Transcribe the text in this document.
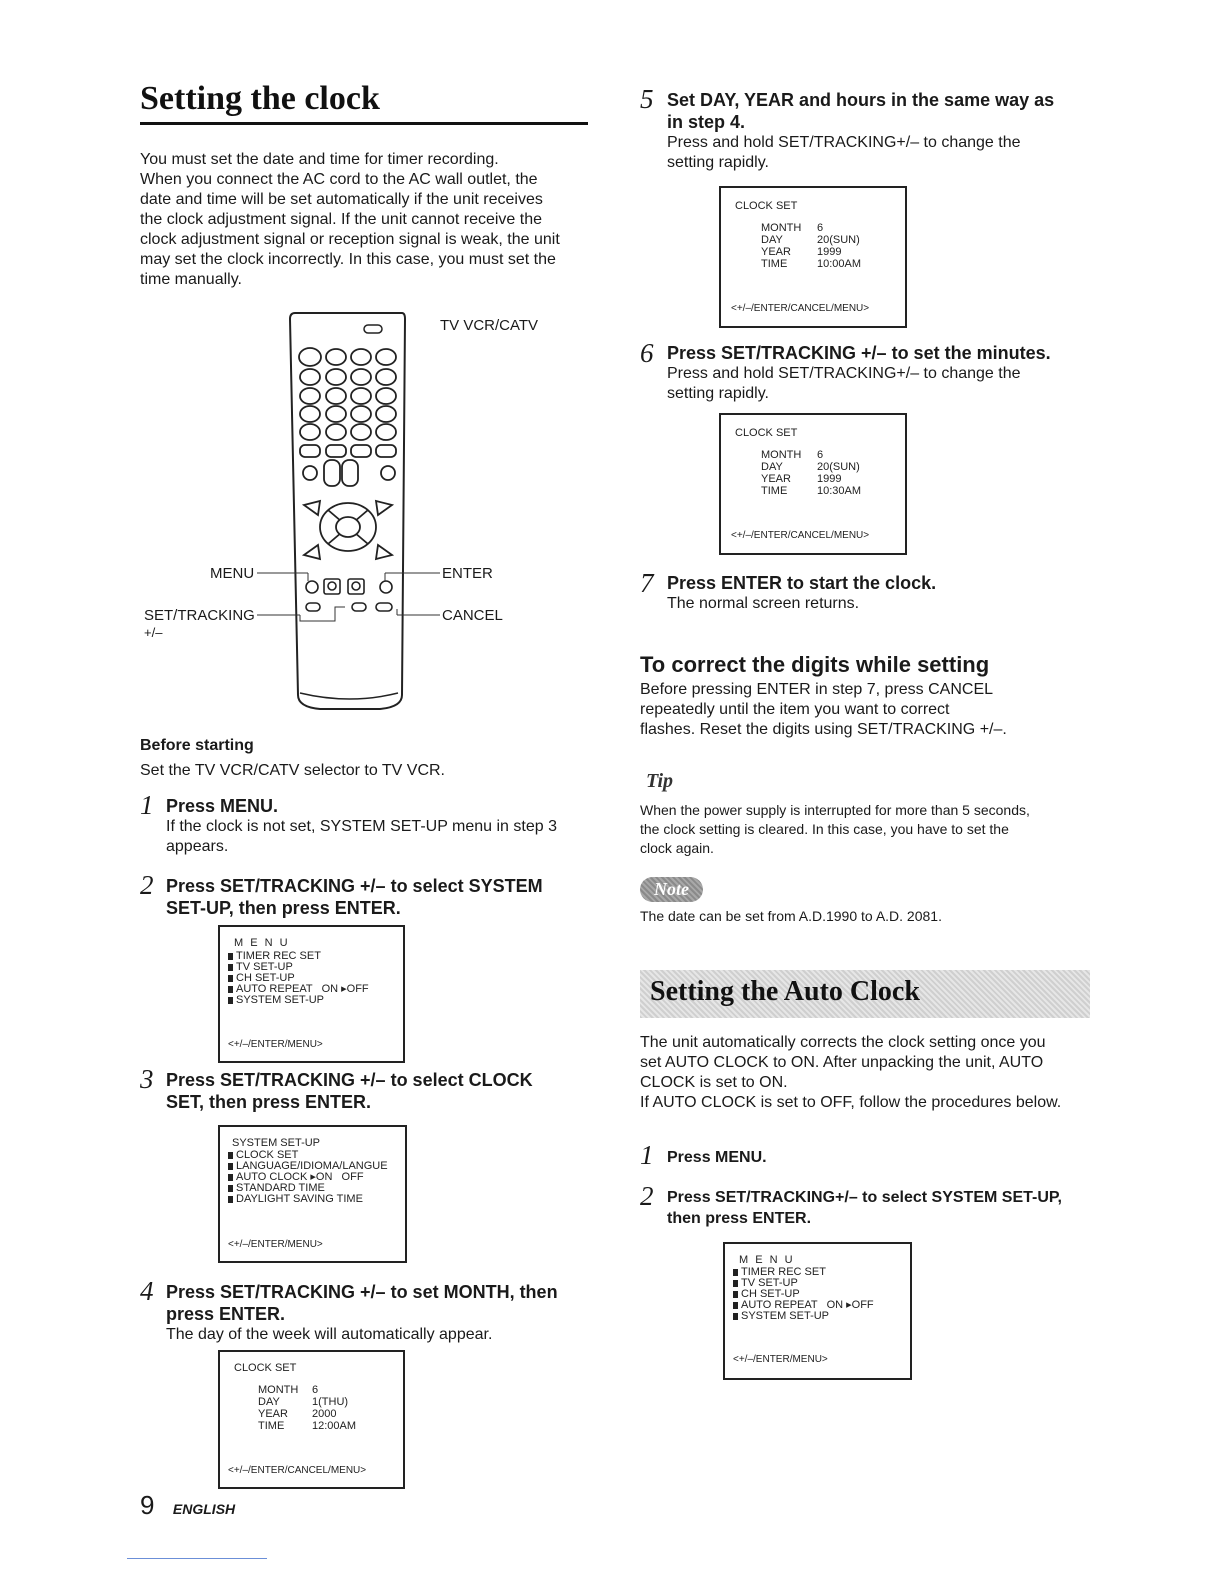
Setting the clock

You must set the date and time for timer recording.

When you connect the AC cord to the AC wall outlet, the

date and time will be set automatically if the unit receives

the clock adjustment signal. If the unit cannot receive the

clock adjustment signal or reception signal is weak, the unit

may set the clock incorrectly. In this case, you must set the

time manually.

TV VCR/CATV
MENU	ENTER
SET/TRACKING
+/–
CANCEL

Before starting

Set the TV VCR/CATV selector to TV VCR.

1 Press MENU.

If the clock is not set, SYSTEM SET-UP menu in step 3

appears.

2 Press SET/TRACKING +/– to select SYSTEM

SET-UP, then press ENTER.

M E N U
TIMER REC SET
TV SET-UP
CH SET-UP
AUTO REPEAT   ON ▸OFF
SYSTEM SET-UP
<+/–/ENTER/MENU>
3 Press SET/TRACKING +/– to select CLOCK

SET, then press ENTER.

SYSTEM SET-UP
CLOCK SET
LANGUAGE/IDIOMA/LANGUE
AUTO CLOCK ▸ON   OFF
STANDARD TIME
DAYLIGHT SAVING TIME
<+/–/ENTER/MENU>
4 Press SET/TRACKING +/– to set MONTH, then

press ENTER.

The day of the week will automatically appear.

CLOCK SET
MONTH 6
DAY	1(THU)
YEAR 2000
TIME	12:00AM
<+/–/ENTER/CANCEL/MENU>
9 ENGLISH
5 Set DAY, YEAR and hours in the same way as

in step 4.

Press and hold SET/TRACKING+/– to change the

setting rapidly.

CLOCK SET
MONTH 6
DAY	20(SUN)
YEAR 1999
TIME	10:00AM
<+/–/ENTER/CANCEL/MENU>
6 Press SET/TRACKING +/– to set the minutes.

Press and hold SET/TRACKING+/– to change the

setting rapidly.

CLOCK SET
MONTH 6
DAY	20(SUN)
YEAR 1999
TIME	10:30AM
<+/–/ENTER/CANCEL/MENU>
7 Press ENTER to start the clock.

The normal screen returns.

To correct the digits while setting

Before pressing ENTER in step 7, press CANCEL

repeatedly until the item you want to correct

flashes. Reset the digits using SET/TRACKING +/–.

Tip

When the power supply is interrupted for more than 5 seconds,

the clock setting is cleared. In this case, you have to set the

clock again.

Note

The date can be set from A.D.1990 to A.D. 2081.

Setting the Auto Clock

The unit automatically corrects the clock setting once you

set AUTO CLOCK to ON. After unpacking the unit, AUTO

CLOCK is set to ON.

If AUTO CLOCK is set to OFF, follow the procedures below.

1 Press MENU.

2 Press SET/TRACKING+/– to select SYSTEM SET-UP,

then press ENTER.

M E N U
TIMER REC SET
TV SET-UP
CH SET-UP
AUTO REPEAT   ON ▸OFF
SYSTEM SET-UP
<+/–/ENTER/MENU>
